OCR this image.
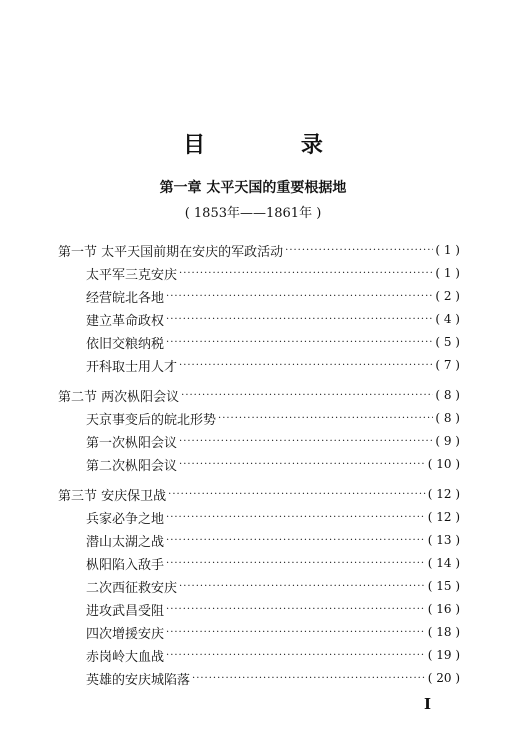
目 录
第一章 太平天国的重要根据地
( 1853年——1861年 )
第一节 太平天国前期在安庆的军政活动 ·····	( 1 )
太平军三克安庆 ·····	( 1 )
经营皖北各地 ·····	( 2 )
建立革命政权 ·····	( 4 )
依旧交粮纳税 ·····	( 5 )
开科取士用人才 ·····	( 7 )
第二节 两次枞阳会议 ·····	( 8 )
天京事变后的皖北形势 ·····	( 8 )
第一次枞阳会议 ·····	( 9 )
第二次枞阳会议 ·····	( 10 )
第三节 安庆保卫战 ·····	( 12 )
兵家必争之地 ·····	( 12 )
潜山太湖之战 ·····	( 13 )
枞阳陷入敌手 ·····	( 14 )
二次西征救安庆 ·····	( 15 )
进攻武昌受阻 ·····	( 16 )
四次增援安庆 ·····	( 18 )
赤岗岭大血战 ·····	( 19 )
英雄的安庆城陷落 ·····	( 20 )
I
